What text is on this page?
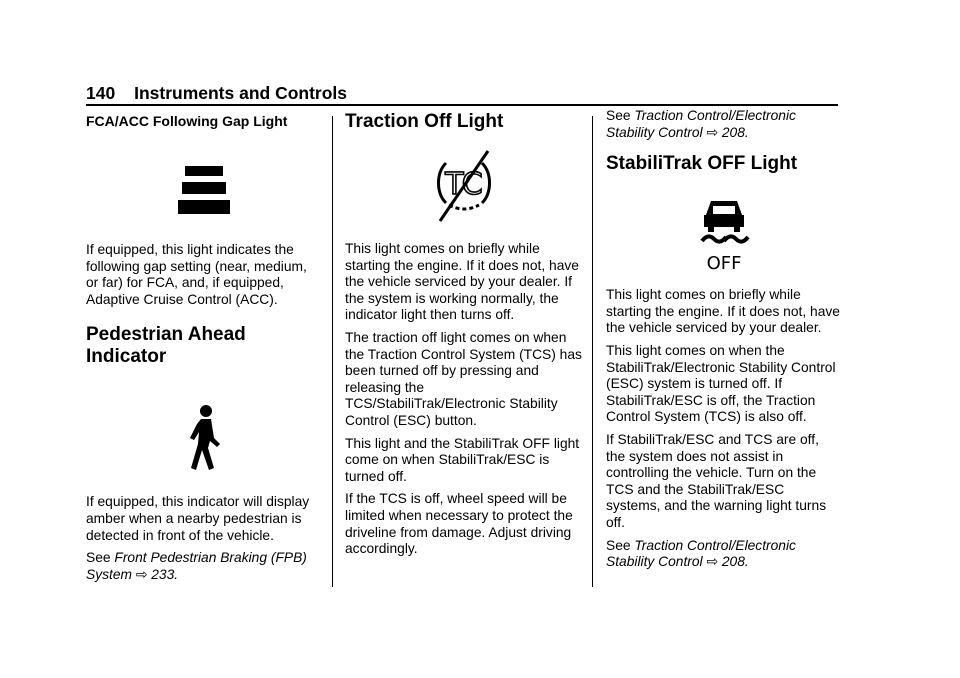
140 Instruments and Controls
FCA/ACC Following Gap Light

If equipped, this light indicates the following gap setting (near, medium, or far) for FCA, and, if equipped, Adaptive Cruise Control (ACC).

Pedestrian Ahead
Indicator

If equipped, this indicator will display amber when a nearby pedestrian is detected in front of the vehicle.

See Front Pedestrian Braking (FPB) System ⇨ 233.

Traction Off Light
TC

This light comes on briefly while starting the engine. If it does not, have the vehicle serviced by your dealer. If the system is working normally, the indicator light then turns off.

The traction off light comes on when the Traction Control System (TCS) has been turned off by pressing and releasing the TCS/StabiliTrak/Electronic Stability Control (ESC) button.

This light and the StabiliTrak OFF light come on when StabiliTrak/ESC is turned off.

If the TCS is off, wheel speed will be limited when necessary to protect the driveline from damage. Adjust driving accordingly.

See Traction Control/Electronic Stability Control ⇨ 208.

StabiliTrak OFF Light
OFF

This light comes on briefly while starting the engine. If it does not, have the vehicle serviced by your dealer.

This light comes on when the StabiliTrak/Electronic Stability Control (ESC) system is turned off. If StabiliTrak/ESC is off, the Traction Control System (TCS) is also off.

If StabiliTrak/ESC and TCS are off, the system does not assist in controlling the vehicle. Turn on the TCS and the StabiliTrak/ESC systems, and the warning light turns off.

See Traction Control/Electronic Stability Control ⇨ 208.
